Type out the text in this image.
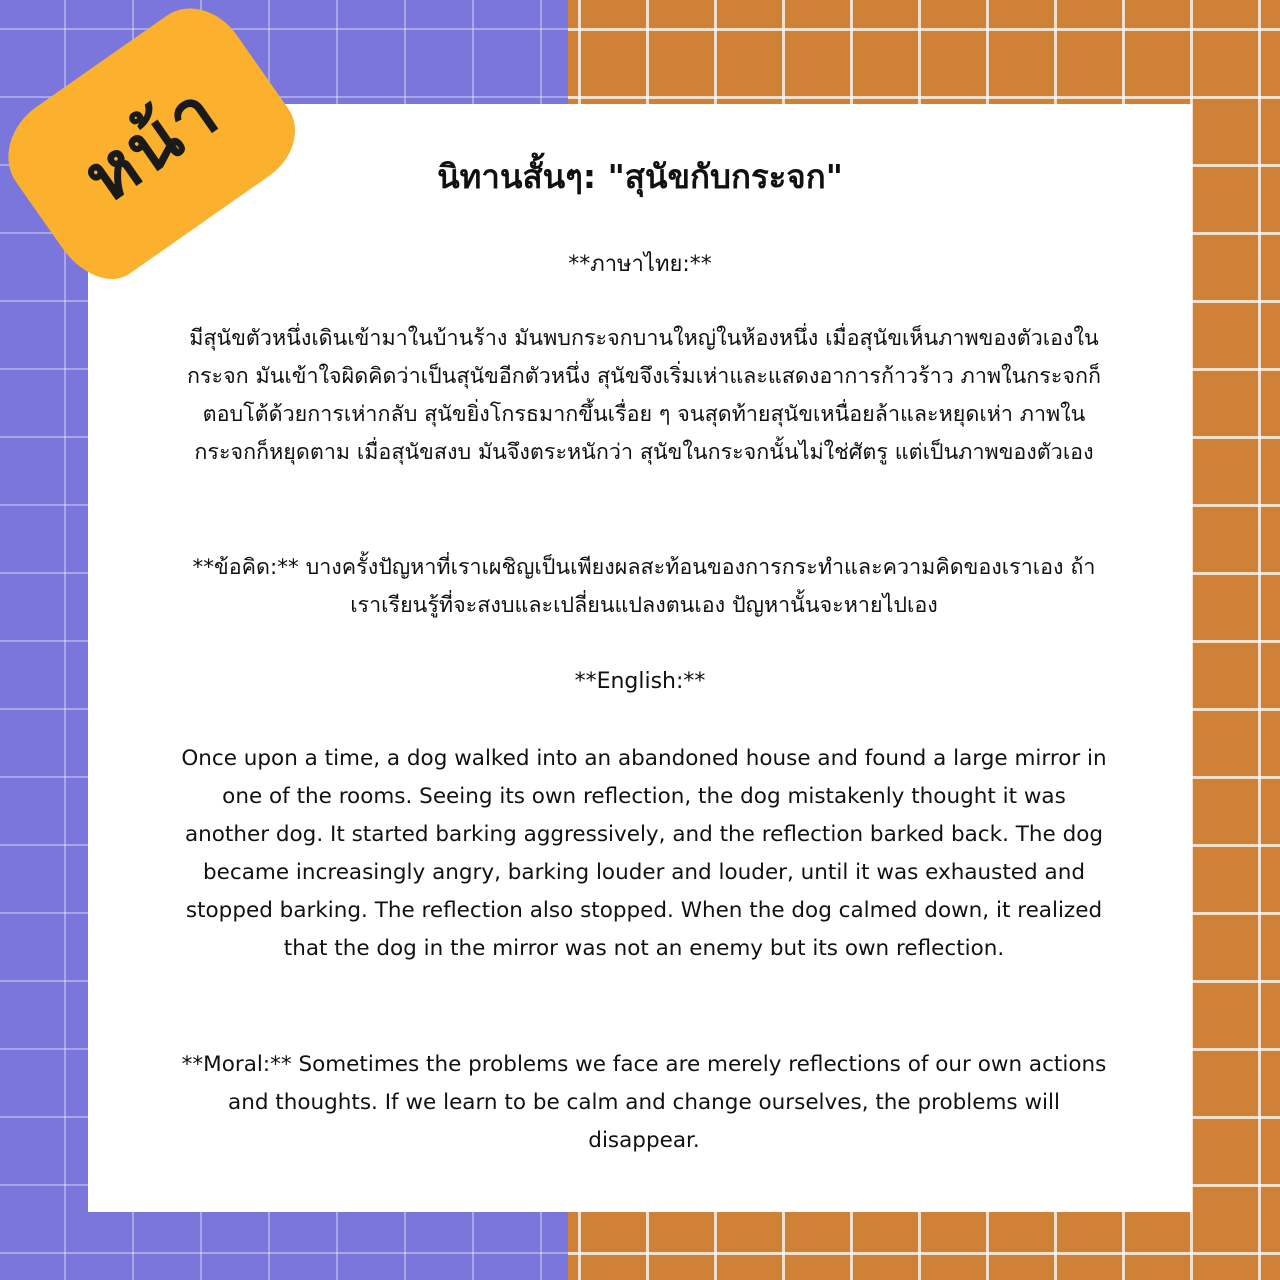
นิทานสั้นๆ: "สุนัขกับกระจก"
**ภาษาไทย:**
มีสุนัขตัวหนึ่งเดินเข้ามาในบ้านร้าง มันพบกระจกบานใหญ่ในห้องหนึ่ง เมื่อสุนัขเห็นภาพของตัวเองในกระจก มันเข้าใจผิดคิดว่าเป็นสุนัขอีกตัวหนึ่ง สุนัขจึงเริ่มเห่าและแสดงอาการก้าวร้าว ภาพในกระจกก็ตอบโต้ด้วยการเห่ากลับ สุนัขยิ่งโกรธมากขึ้นเรื่อย ๆ จนสุดท้ายสุนัขเหนื่อยล้าและหยุดเห่า ภาพในกระจกก็หยุดตาม เมื่อสุนัขสงบ มันจึงตระหนักว่า สุนัขในกระจกนั้นไม่ใช่ศัตรู แต่เป็นภาพของตัวเอง
**ข้อคิด:** บางครั้งปัญหาที่เราเผชิญเป็นเพียงผลสะท้อนของการกระทำและความคิดของเราเอง ถ้าเราเรียนรู้ที่จะสงบและเปลี่ยนแปลงตนเอง ปัญหานั้นจะหายไปเอง
**English:**
Once upon a time, a dog walked into an abandoned house and found a large mirror in one of the rooms. Seeing its own reflection, the dog mistakenly thought it was another dog. It started barking aggressively, and the reflection barked back. The dog became increasingly angry, barking louder and louder, until it was exhausted and stopped barking. The reflection also stopped. When the dog calmed down, it realized that the dog in the mirror was not an enemy but its own reflection.
**Moral:** Sometimes the problems we face are merely reflections of our own actions and thoughts. If we learn to be calm and change ourselves, the problems will disappear.
หน้า
